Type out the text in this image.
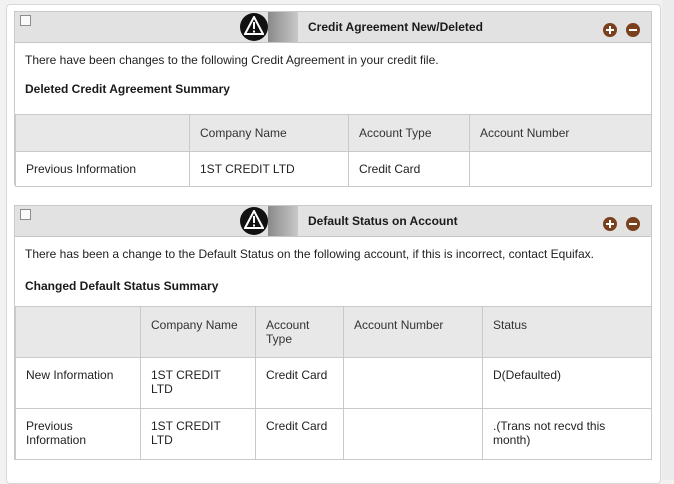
Credit Agreement New/Deleted
There have been changes to the following Credit Agreement in your credit file.
Deleted Credit Agreement Summary
	Company Name	Account Type	Account Number
Previous Information	1ST CREDIT LTD	Credit Card	
Default Status on Account
There has been a change to the Default Status on the following account, if this is incorrect, contact Equifax.
Changed Default Status Summary
	Company Name	Account Type	Account Number	Status
New Information	1ST CREDIT LTD	Credit Card		D(Defaulted)
Previous Information	1ST CREDIT LTD	Credit Card		.(Trans not recvd this month)
